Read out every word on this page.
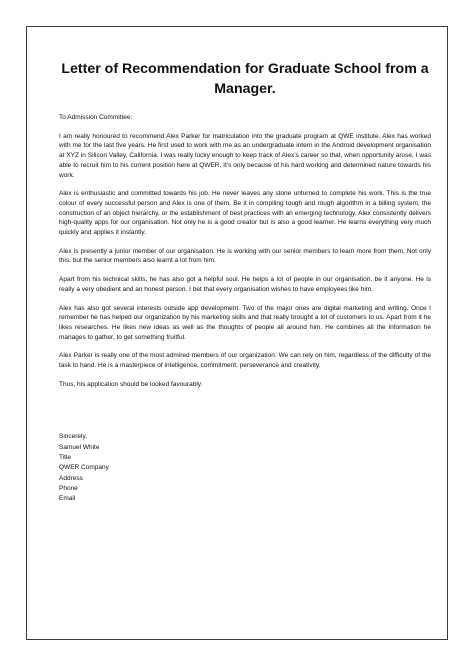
Letter of Recommendation for Graduate School from a Manager.

To Admission Committee:

I am really honoured to recommend Alex Parker for matriculation into the graduate program at QWE institute. Alex has worked with me for the last five years. He first used to work with me as an undergraduate intern in the Android development organisation at XYZ in Silicon Valley, California. I was really lucky enough to keep track of Alex’s career so that, when opportunity arose, I was able to recruit him to his current position here at QWER. It’s only because of his hard working and determined nature towards his work.

Alex is enthusiastic and committed towards his job. He never leaves any stone unturned to complete his work. This is the true colour of every successful person and Alex is one of them. Be it in compiling tough and rough algorithm in a billing system, the construction of an object hierarchy, or the establishment of best practices with an emerging technology. Alex consistently delivers high-quality apps for our organisation. Not only he is a good creator but is also a good learner. He learns everything very much quickly and applies it instantly.

Alex is presently a junior member of our organisation. He is working with our senior members to learn more from them. Not only this, but the senior members also learnt a lot from him.

Apart from his technical skills, he has also got a helpful soul. He helps a lot of people in our organisation, be it anyone. He is really a very obedient and an honest person. I bet that every organisation wishes to have employees like him.

Alex has also got several interests outside app development. Two of the major ones are digital marketing and writing. Once I remember he has helped our organization by his marketing skills and that really brought a lot of customers to us. Apart from it he likes researches. He likes new ideas as well as the thoughts of people all around him. He combines all the information he manages to gather, to get something fruitful.

Alex Parker is really one of the most admired members of our organization. We can rely on him, regardless of the difficulty of the task to hand. He is a masterpiece of intelligence, commitment, perseverance and creativity.

Thus, his application should be looked favourably.

Sincerely,
Samuel White
Title
QWER Company
Address
Phone
Email
